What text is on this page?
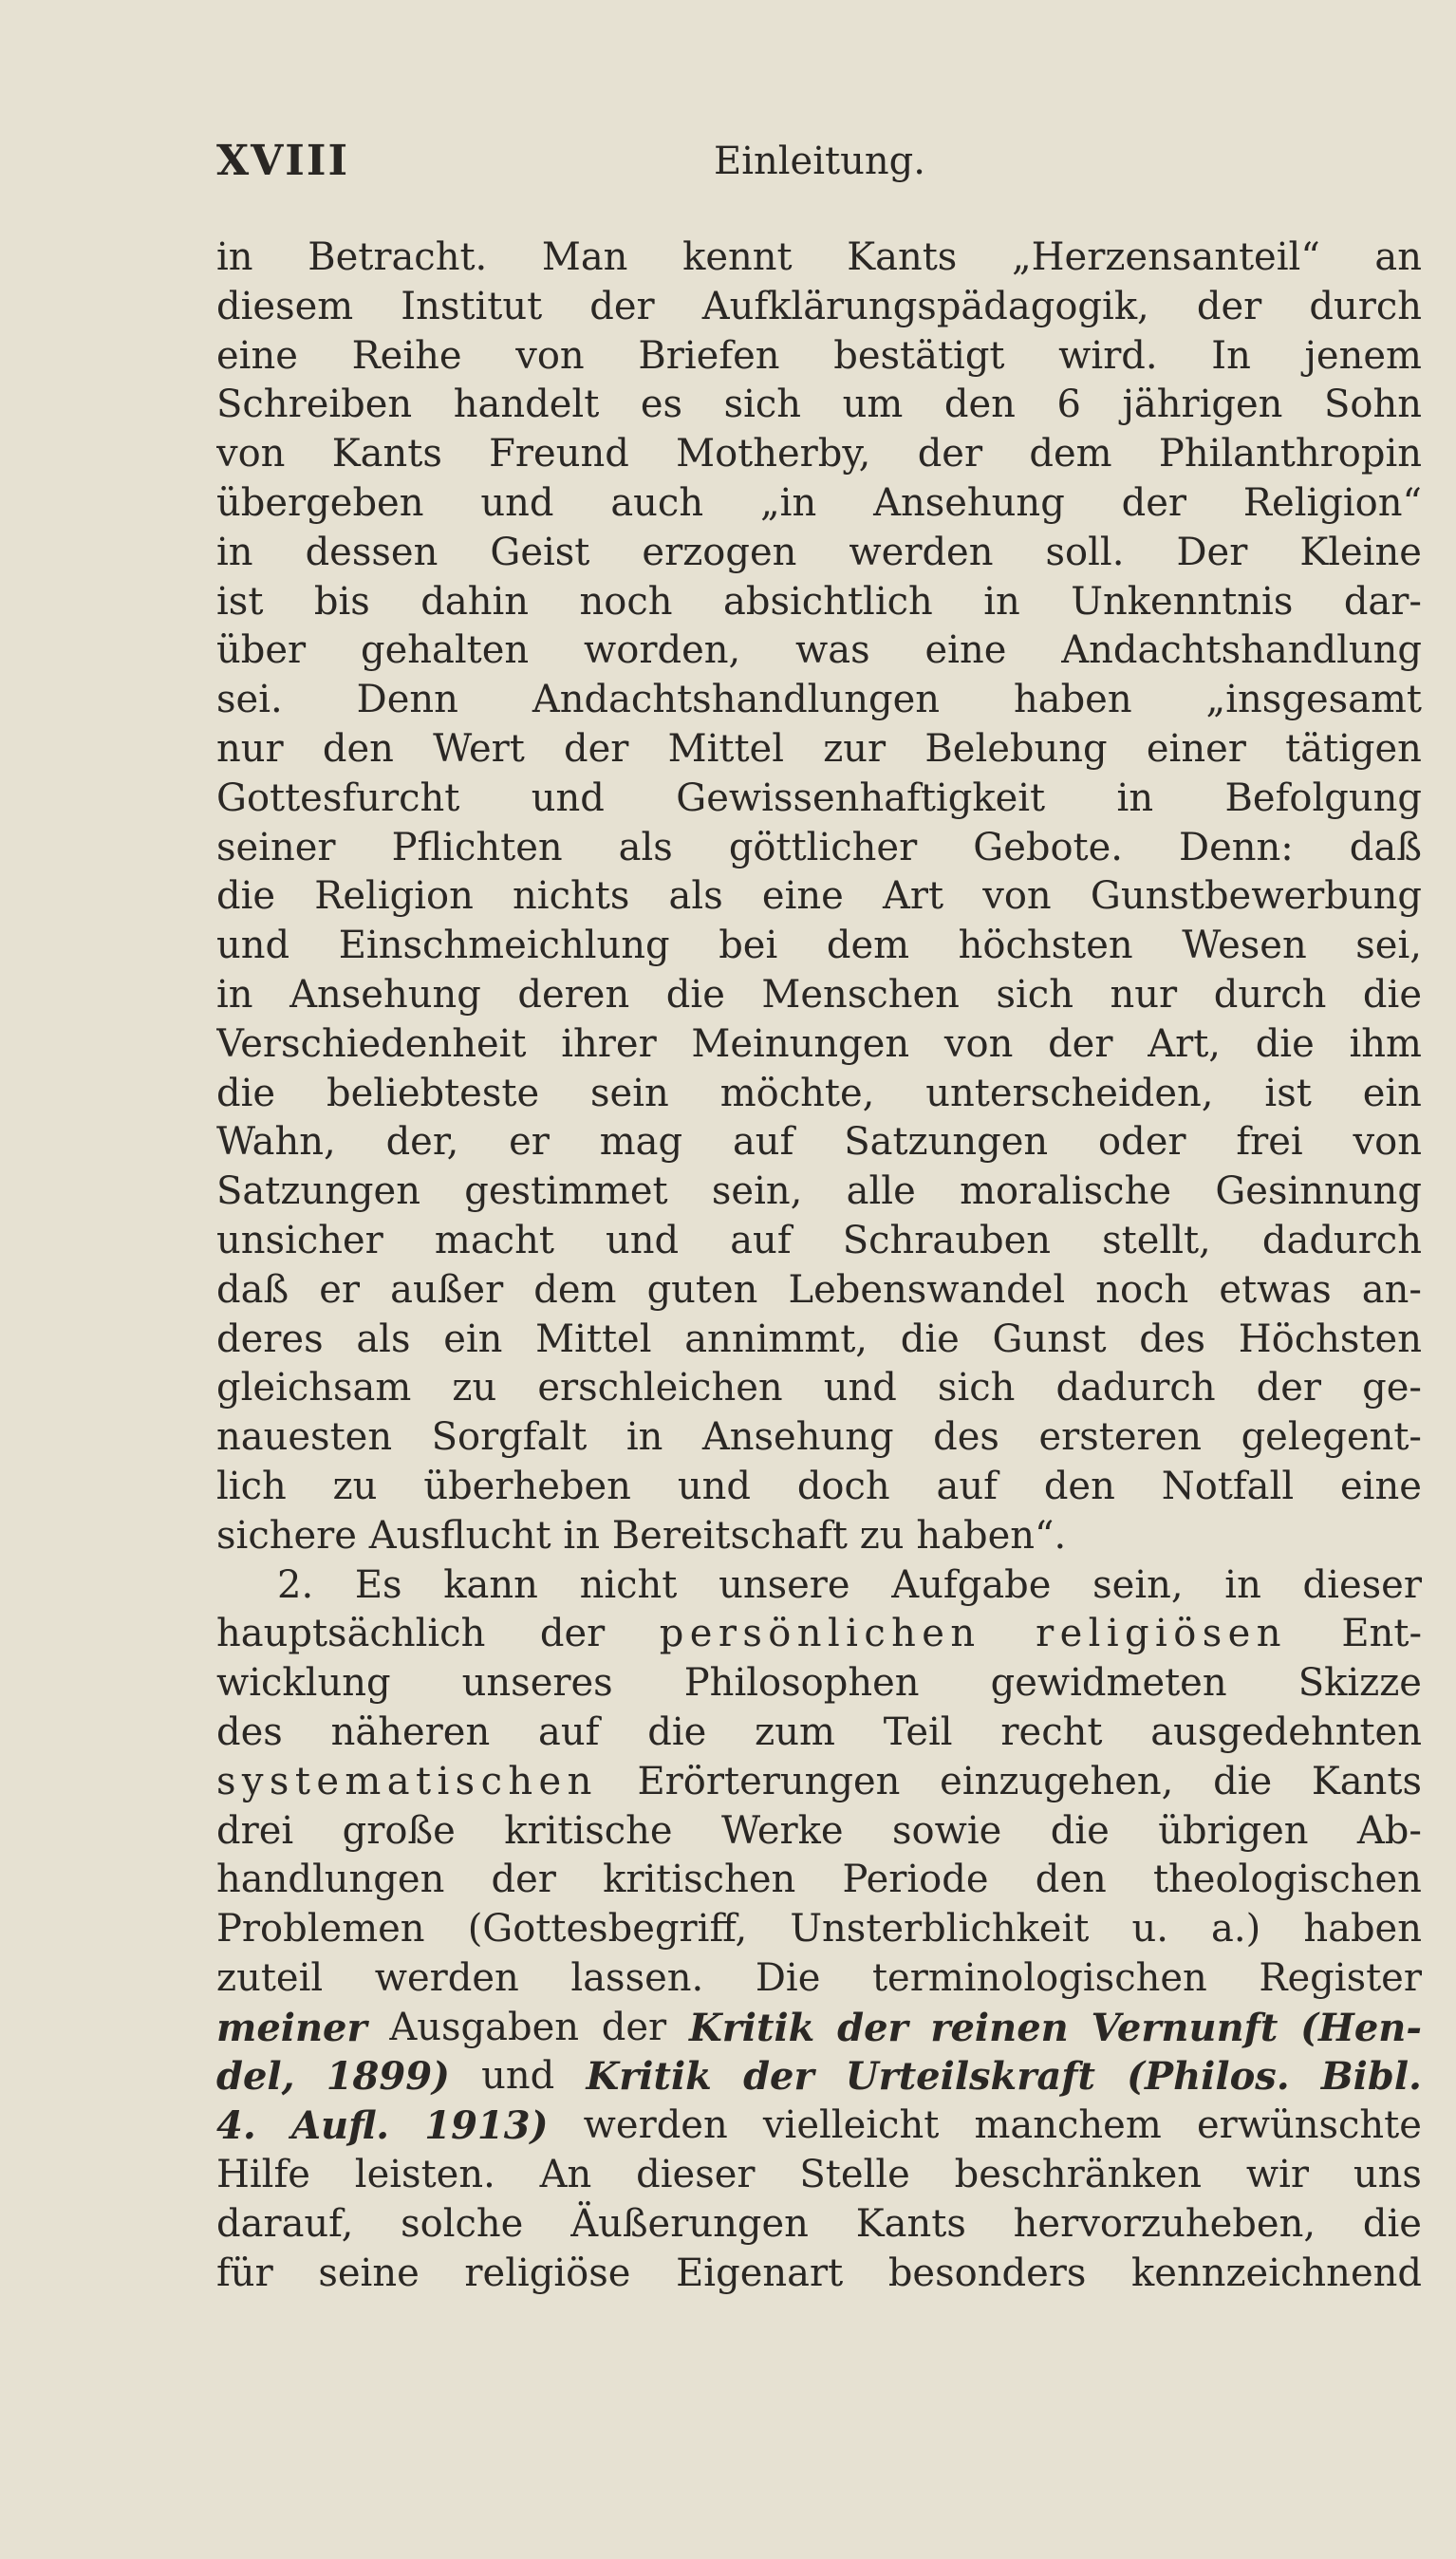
XVIII	Einleitung.
in Betracht. Man kennt Kants „Herzensanteil“ an
diesem Institut der Aufklärungspädagogik, der durch
eine Reihe von Briefen bestätigt wird. In jenem
Schreiben handelt es sich um den 6 jährigen Sohn
von Kants Freund Motherby, der dem Philanthropin
übergeben und auch „in Ansehung der Religion“
in dessen Geist erzogen werden soll. Der Kleine
ist bis dahin noch absichtlich in Unkenntnis dar-
über gehalten worden, was eine Andachtshandlung
sei. Denn Andachtshandlungen haben „insgesamt
nur den Wert der Mittel zur Belebung einer tätigen
Gottesfurcht und Gewissenhaftigkeit in Befolgung
seiner Pflichten als göttlicher Gebote. Denn: daß
die Religion nichts als eine Art von Gunstbewerbung
und Einschmeichlung bei dem höchsten Wesen sei,
in Ansehung deren die Menschen sich nur durch die
Verschiedenheit ihrer Meinungen von der Art, die ihm
die beliebteste sein möchte, unterscheiden, ist ein
Wahn, der, er mag auf Satzungen oder frei von
Satzungen gestimmet sein, alle moralische Gesinnung
unsicher macht und auf Schrauben stellt, dadurch
daß er außer dem guten Lebenswandel noch etwas an-
deres als ein Mittel annimmt, die Gunst des Höchsten
gleichsam zu erschleichen und sich dadurch der ge-
nauesten Sorgfalt in Ansehung des ersteren gelegent-
lich zu überheben und doch auf den Notfall eine
sichere Ausflucht in Bereitschaft zu haben“.
2. Es kann nicht unsere Aufgabe sein, in dieser
hauptsächlich der persönlichen religiösen Ent-
wicklung unseres Philosophen gewidmeten Skizze
des näheren auf die zum Teil recht ausgedehnten
systematischen Erörterungen einzugehen, die Kants
drei große kritische Werke sowie die übrigen Ab-
handlungen der kritischen Periode den theologischen
Problemen (Gottesbegriff, Unsterblichkeit u. a.) haben
zuteil werden lassen. Die terminologischen Register
meiner Ausgaben der Kritik der reinen Vernunft (Hen-
del, 1899) und Kritik der Urteilskraft (Philos. Bibl.
4. Aufl. 1913) werden vielleicht manchem erwünschte
Hilfe leisten. An dieser Stelle beschränken wir uns
darauf, solche Äußerungen Kants hervorzuheben, die
für seine religiöse Eigenart besonders kennzeichnend
